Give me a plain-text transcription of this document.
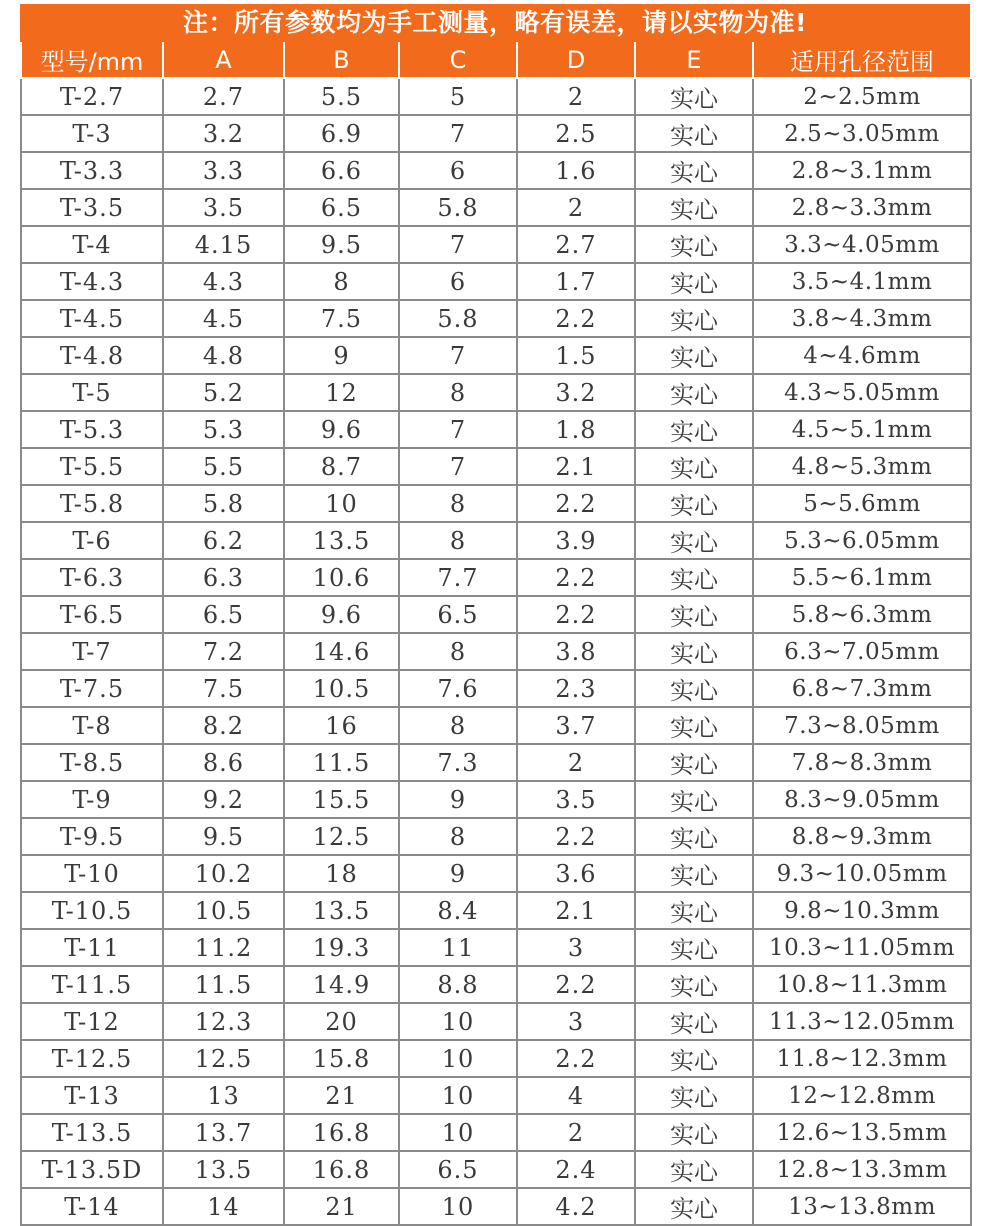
注：所有参数均为手工测量，略有误差，请以实物为准!
型号/mm	A	B	C	D	E	适用孔径范围
T-2.7	2.7	5.5	5	2	实心	2~2.5mm
T-3	3.2	6.9	7	2.5	实心	2.5~3.05mm
T-3.3	3.3	6.6	6	1.6	实心	2.8~3.1mm
T-3.5	3.5	6.5	5.8	2	实心	2.8~3.3mm
T-4	4.15	9.5	7	2.7	实心	3.3~4.05mm
T-4.3	4.3	8	6	1.7	实心	3.5~4.1mm
T-4.5	4.5	7.5	5.8	2.2	实心	3.8~4.3mm
T-4.8	4.8	9	7	1.5	实心	4~4.6mm
T-5	5.2	12	8	3.2	实心	4.3~5.05mm
T-5.3	5.3	9.6	7	1.8	实心	4.5~5.1mm
T-5.5	5.5	8.7	7	2.1	实心	4.8~5.3mm
T-5.8	5.8	10	8	2.2	实心	5~5.6mm
T-6	6.2	13.5	8	3.9	实心	5.3~6.05mm
T-6.3	6.3	10.6	7.7	2.2	实心	5.5~6.1mm
T-6.5	6.5	9.6	6.5	2.2	实心	5.8~6.3mm
T-7	7.2	14.6	8	3.8	实心	6.3~7.05mm
T-7.5	7.5	10.5	7.6	2.3	实心	6.8~7.3mm
T-8	8.2	16	8	3.7	实心	7.3~8.05mm
T-8.5	8.6	11.5	7.3	2	实心	7.8~8.3mm
T-9	9.2	15.5	9	3.5	实心	8.3~9.05mm
T-9.5	9.5	12.5	8	2.2	实心	8.8~9.3mm
T-10	10.2	18	9	3.6	实心	9.3~10.05mm
T-10.5	10.5	13.5	8.4	2.1	实心	9.8~10.3mm
T-11	11.2	19.3	11	3	实心	10.3~11.05mm
T-11.5	11.5	14.9	8.8	2.2	实心	10.8~11.3mm
T-12	12.3	20	10	3	实心	11.3~12.05mm
T-12.5	12.5	15.8	10	2.2	实心	11.8~12.3mm
T-13	13	21	10	4	实心	12~12.8mm
T-13.5	13.7	16.8	10	2	实心	12.6~13.5mm
T-13.5D	13.5	16.8	6.5	2.4	实心	12.8~13.3mm
T-14	14	21	10	4.2	实心	13~13.8mm
